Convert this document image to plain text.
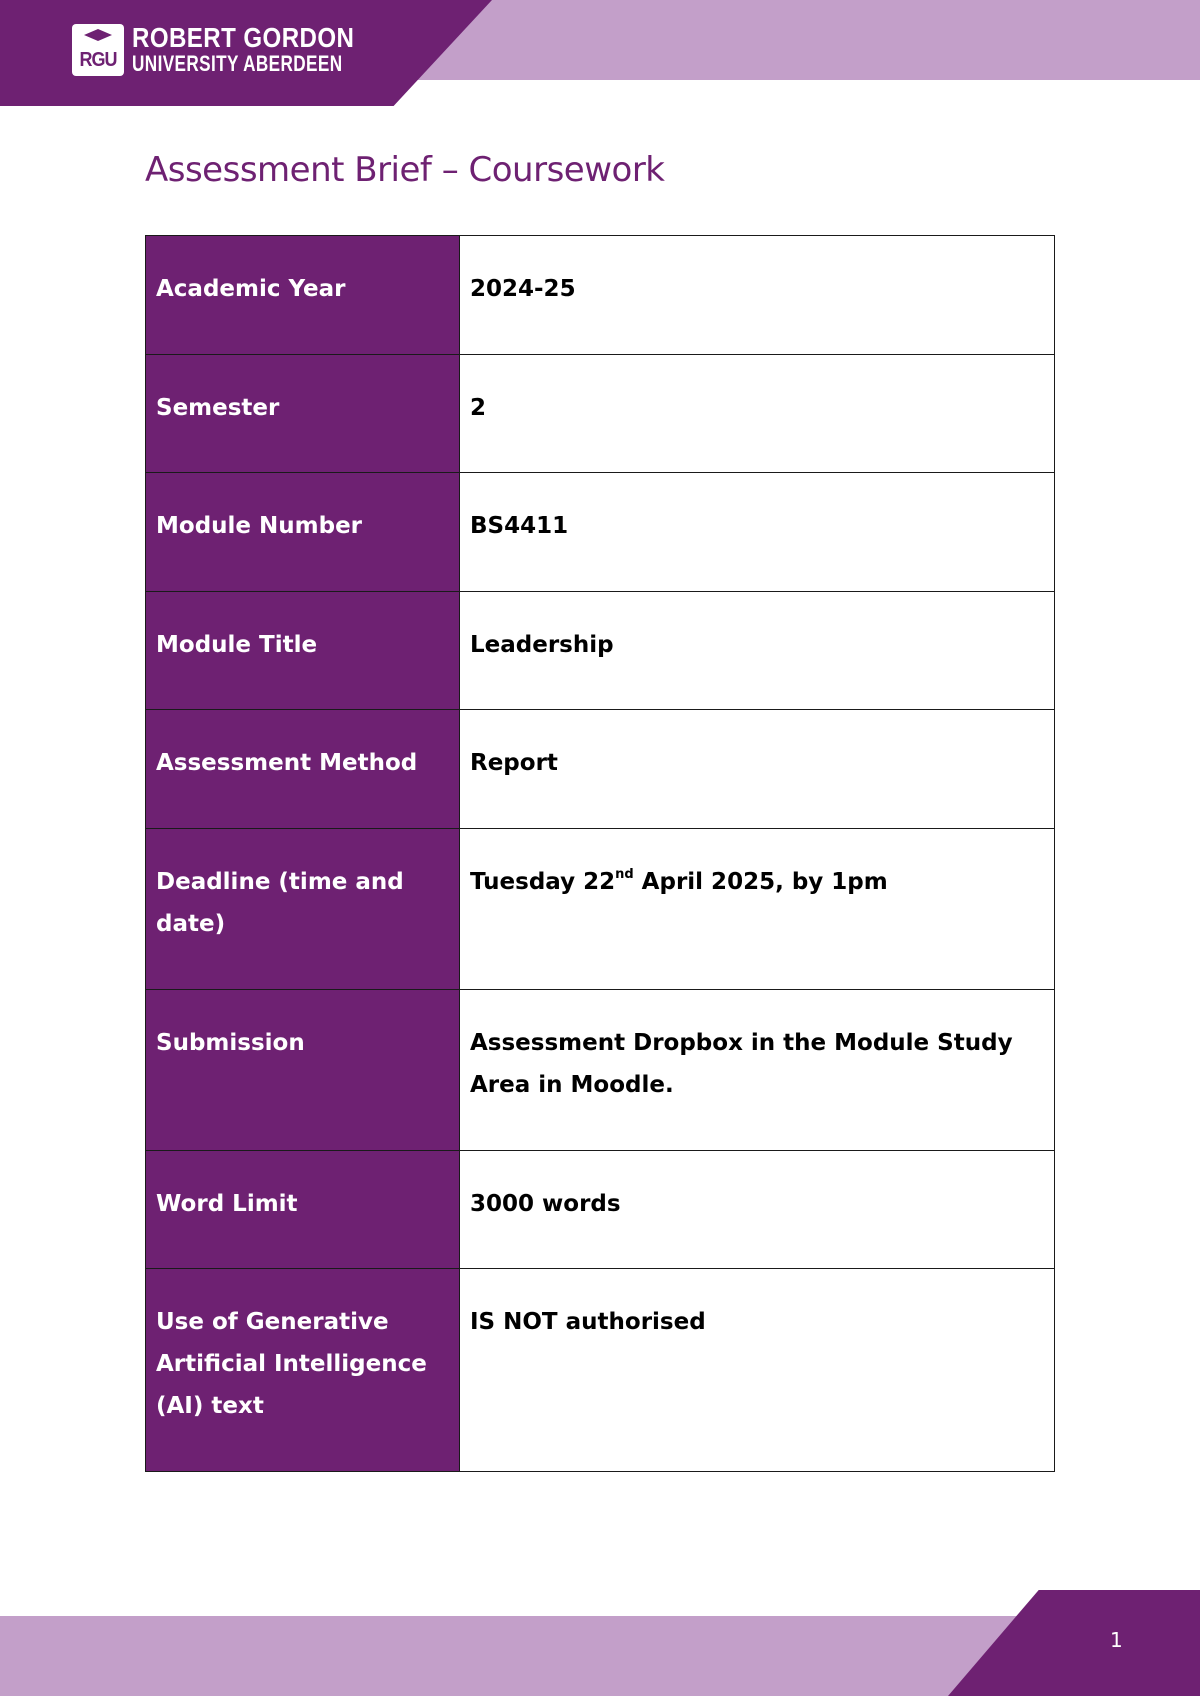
RGU
ROBERT GORDON
UNIVERSITY ABERDEEN
Assessment Brief – Coursework
Academic Year	2024-25

Semester	2

Module Number	BS4411

Module Title	Leadership

Assessment Method	Report

Deadline (time and date)	Tuesday 22nd April 2025, by 1pm

Submission	Assessment Dropbox in the Module Study Area in Moodle.

Word Limit	3000 words

Use of Generative Artificial Intelligence (AI) text	IS NOT authorised
1
